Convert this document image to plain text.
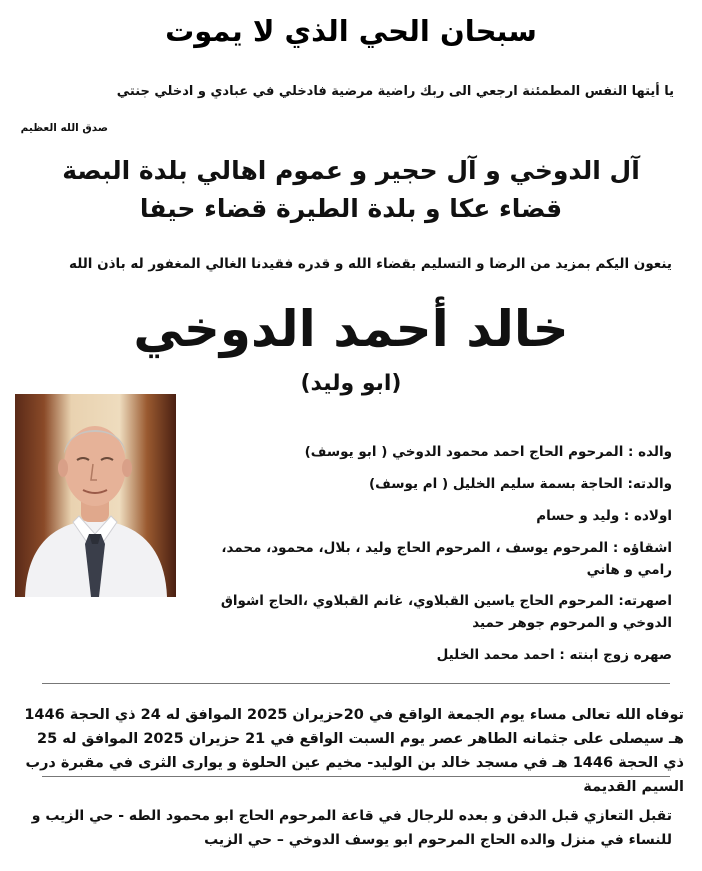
سبحان الحي الذي لا يموت
يا أيتها النفس المطمئنة ارجعي الى ربك راضية مرضية فادخلي في عبادي و ادخلي جنتي
صدق الله العظيم
آل الدوخي و آل حجير و عموم اهالي بلدة البصة
قضاء عكا و بلدة الطيرة قضاء حيفا
ينعون اليكم بمزيد من الرضا و التسليم بقضاء الله و قدره فقيدنا الغالي المغفور له باذن الله
خالد أحمد الدوخي
(ابو وليد)
والده : المرحوم الحاج احمد محمود الدوخي ( ابو يوسف)
والدته: الحاجة بسمة سليم الخليل ( ام يوسف)
اولاده : وليد و حسام
اشقاؤه : المرحوم يوسف ، المرحوم الحاج وليد ، بلال، محمود، محمد، رامي و هاني
اصهرته: المرحوم الحاج ياسين القبلاوي، غانم القبلاوي ،الحاج اشواق الدوخي و المرحوم جوهر حميد
صهره زوج ابنته : احمد محمد الخليل
توفاه الله تعالى مساء يوم الجمعة الواقع في 20حزيران 2025 الموافق له 24 ذي الحجة 1446 هـ سيصلى على جثمانه الطاهر عصر يوم السبت الواقع في 21 حزيران 2025 الموافق له 25 ذي الحجة 1446 هـ في مسجد خالد بن الوليد- مخيم عين الحلوة و يوارى الثرى في مقبرة درب السيم القديمة
تقبل التعازي قبل الدفن و بعده للرجال في قاعة المرحوم الحاج ابو محمود الطه - حي الزيب و للنساء في منزل والده الحاج المرحوم ابو يوسف الدوخي – حي الزيب
